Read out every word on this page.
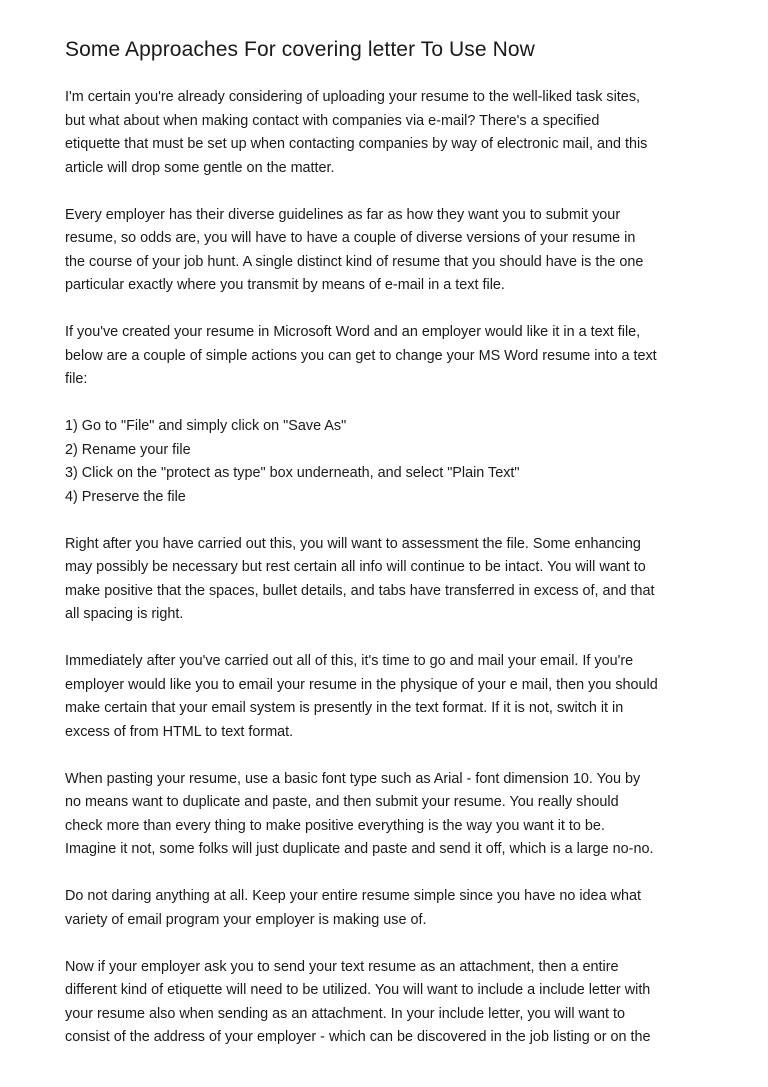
Some Approaches For covering letter To Use Now

I'm certain you're already considering of uploading your resume to the well-liked task sites,
but what about when making contact with companies via e-mail? There's a specified
etiquette that must be set up when contacting companies by way of electronic mail, and this
article will drop some gentle on the matter.

Every employer has their diverse guidelines as far as how they want you to submit your
resume, so odds are, you will have to have a couple of diverse versions of your resume in
the course of your job hunt. A single distinct kind of resume that you should have is the one
particular exactly where you transmit by means of e-mail in a text file.

If you've created your resume in Microsoft Word and an employer would like it in a text file,
below are a couple of simple actions you can get to change your MS Word resume into a text
file:

1) Go to "File" and simply click on "Save As"
2) Rename your file
3) Click on the "protect as type" box underneath, and select "Plain Text"
4) Preserve the file

Right after you have carried out this, you will want to assessment the file. Some enhancing
may possibly be necessary but rest certain all info will continue to be intact. You will want to
make positive that the spaces, bullet details, and tabs have transferred in excess of, and that
all spacing is right.

Immediately after you've carried out all of this, it's time to go and mail your email. If you're
employer would like you to email your resume in the physique of your e mail, then you should
make certain that your email system is presently in the text format. If it is not, switch it in
excess of from HTML to text format.

When pasting your resume, use a basic font type such as Arial - font dimension 10. You by
no means want to duplicate and paste, and then submit your resume. You really should
check more than every thing to make positive everything is the way you want it to be.
Imagine it not, some folks will just duplicate and paste and send it off, which is a large no-no.

Do not daring anything at all. Keep your entire resume simple since you have no idea what
variety of email program your employer is making use of.

Now if your employer ask you to send your text resume as an attachment, then a entire
different kind of etiquette will need to be utilized. You will want to include a include letter with
your resume also when sending as an attachment. In your include letter, you will want to
consist of the address of your employer - which can be discovered in the job listing or on the
